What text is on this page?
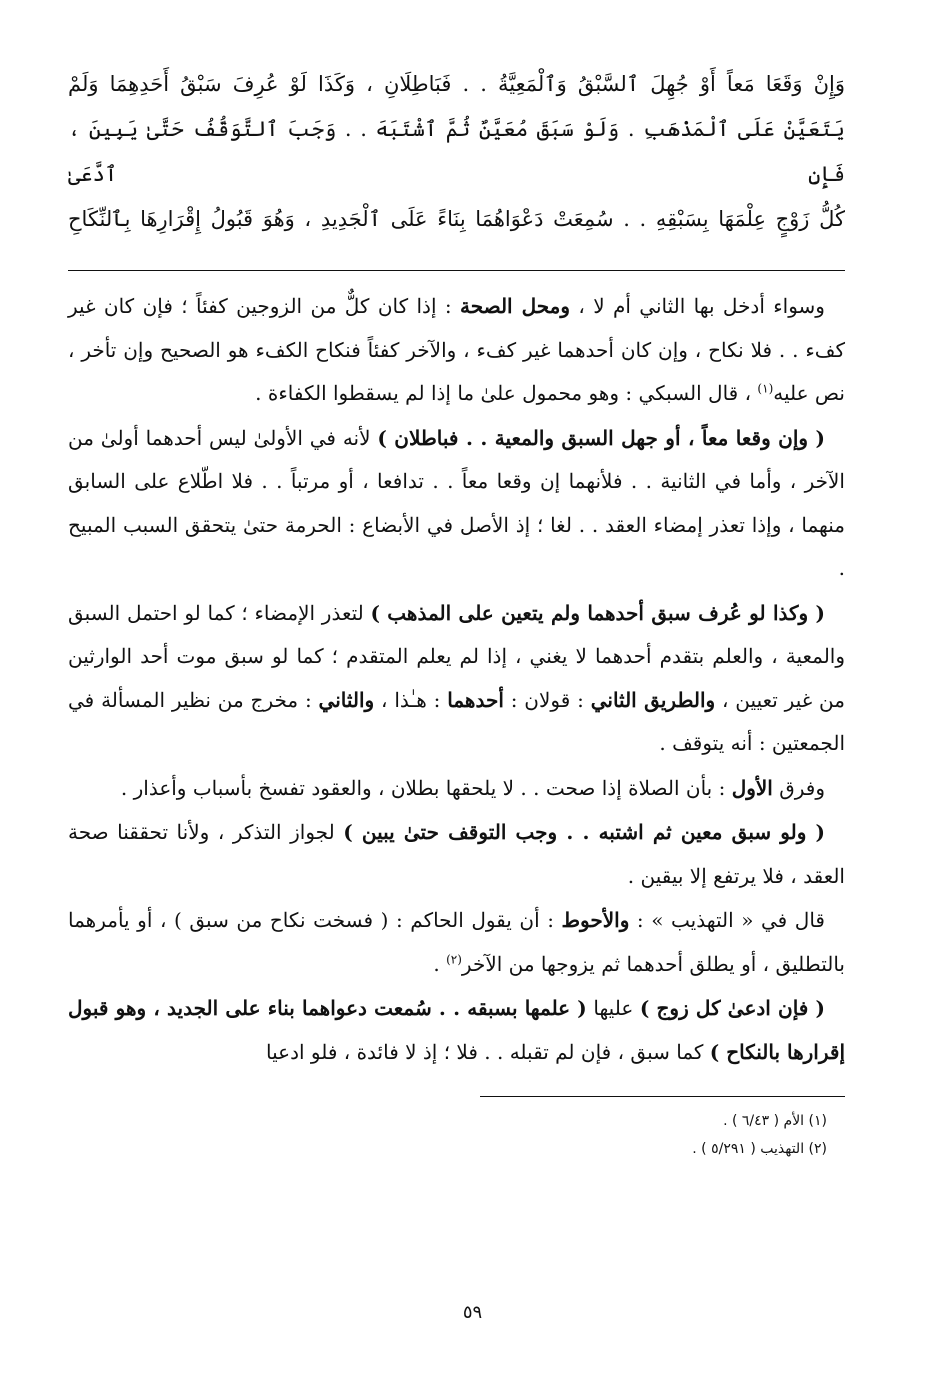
وَإِنْ وَقَعَا مَعاً أَوْ جُهِلَ ٱلسَّبْقُ وَٱلْمَعِيَّةُ . . فَبَاطِلَانِ ، وَكَذَا لَوْ عُرِفَ سَبْقُ أَحَدِهِمَا وَلَمْ
يَتَعَيَّنْ عَلَى ٱلْمَذْهَبِ . وَلَوْ سَبَقَ مُعَيَّنٌ ثُمَّ ٱشْتَبَهَ . . وَجَبَ ٱلتَّوَقُّفُ حَتَّىٰ يَبِينَ ، فَإِنِ ٱدَّعَىٰ
كُلُّ زَوْجٍ عِلْمَهَا بِسَبْقِهِ . . سُمِعَتْ دَعْوَاهُمَا بِنَاءً عَلَى ٱلْجَدِيدِ ، وَهُوَ قَبُولُ إِقْرَارِهَا بِٱلنِّكَاحِ

وسواء أدخل بها الثاني أم لا ، ومحل الصحة : إذا كان كلٌّ من الزوجين كفئاً ؛ فإن كان غير كفء . . فلا نكاح ، وإن كان أحدهما غير كفء ، والآخر كفئاً فنكاح الكفء هو الصحيح وإن تأخر ، نص عليه$^{(١)}$ ، قال السبكي : وهو محمول علىٰ ما إذا لم يسقطوا الكفاءة .

( وإن وقعا معاً ، أو جهل السبق والمعية . . فباطلان ) لأنه في الأولىٰ ليس أحدهما أولىٰ من الآخر ، وأما في الثانية . . فلأنهما إن وقعا معاً . . تدافعا ، أو مرتباً . . فلا اطّلاع على السابق منهما ، وإذا تعذر إمضاء العقد . . لغا ؛ إذ الأصل في الأبضاع : الحرمة حتىٰ يتحقق السبب المبيح .

( وكذا لو عُرف سبق أحدهما ولم يتعين على المذهب ) لتعذر الإمضاء ؛ كما لو احتمل السبق والمعية ، والعلم بتقدم أحدهما لا يغني ، إذا لم يعلم المتقدم ؛ كما لو سبق موت أحد الوارثين من غير تعيين ، والطريق الثاني : قولان : أحدهما : هـٰذا ، والثاني : مخرج من نظير المسألة في الجمعتين : أنه يتوقف .

وفرق الأول : بأن الصلاة إذا صحت . . لا يلحقها بطلان ، والعقود تفسخ بأسباب وأعذار .

( ولو سبق معين ثم اشتبه . . وجب التوقف حتىٰ يبين ) لجواز التذكر ، ولأنا تحققنا صحة العقد ، فلا يرتفع إلا بيقين .

قال في « التهذيب » : والأحوط : أن يقول الحاكم : ( فسخت نكاح من سبق ) ، أو يأمرهما بالتطليق ، أو يطلق أحدهما ثم يزوجها من الآخر$^{(٢)}$ .

( فإن ادعىٰ كل زوج ) عليها ( علمها بسبقه . . سُمعت دعواهما بناء على الجديد ، وهو قبول إقرارها بالنكاح ) كما سبق ، فإن لم تقبله . . فلا ؛ إذ لا فائدة ، فلو ادعيا

(١) الأم ( ٦/٤٣ ) .
(٢) التهذيب ( ٥/٢٩١ ) .
٥٩
